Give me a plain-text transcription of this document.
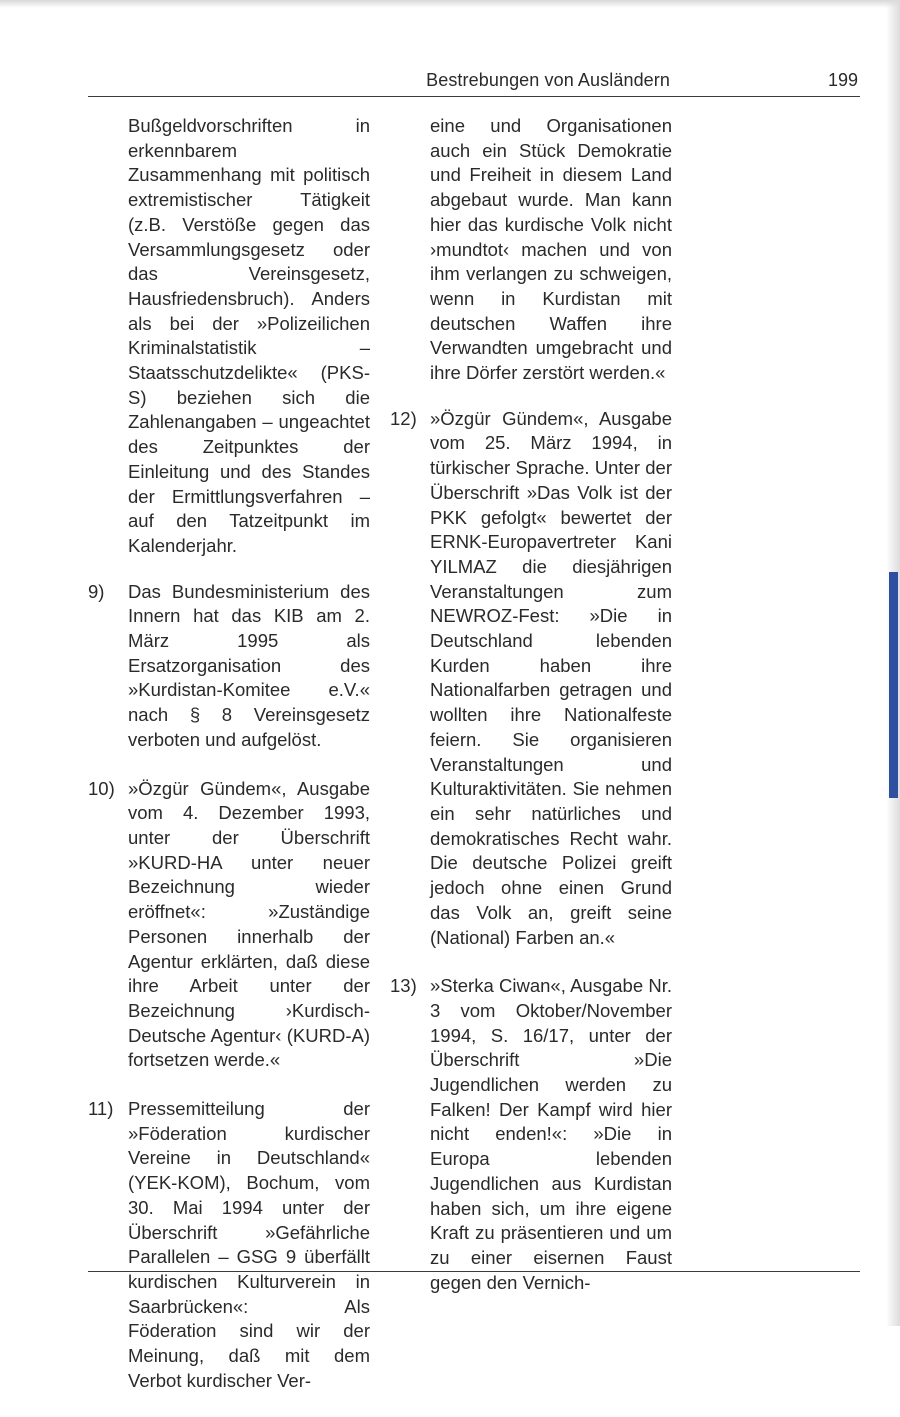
Bestrebungen von Ausländern	199
Bußgeldvorschriften in erkennbarem Zusammenhang mit politisch extremistischer Tätigkeit (z.B. Verstöße gegen das Versammlungsgesetz oder das Vereinsgesetz, Hausfriedensbruch). Anders als bei der »Polizeilichen Kriminalstatistik – Staatsschutzdelikte« (PKS-S) beziehen sich die Zahlenangaben – ungeachtet des Zeitpunktes der Einleitung und des Standes der Ermittlungsverfahren – auf den Tatzeitpunkt im Kalenderjahr.
9)	Das Bundesministerium des Innern hat das KIB am 2. März 1995 als Ersatzorganisation des »Kurdistan-Komitee e.V.« nach § 8 Vereinsgesetz verboten und aufgelöst.
10) »Özgür Gündem«, Ausgabe vom 4. Dezember 1993, unter der Überschrift »KURD-HA unter neuer Bezeichnung wieder eröffnet«: »Zuständige Personen innerhalb der Agentur erklärten, daß diese ihre Arbeit unter der Bezeichnung ›Kurdisch-Deutsche Agentur‹ (KURD-A) fortsetzen werde.«
11) Pressemitteilung der »Föderation kurdischer Vereine in Deutschland« (YEK-KOM), Bochum, vom 30. Mai 1994 unter der Überschrift »Gefährliche Parallelen – GSG 9 überfällt kurdischen Kulturverein in Saarbrücken«: Als Föderation sind wir der Meinung, daß mit dem Verbot kurdischer Ver-
eine und Organisationen auch ein Stück Demokratie und Freiheit in diesem Land abgebaut wurde. Man kann hier das kurdische Volk nicht ›mundtot‹ machen und von ihm verlangen zu schweigen, wenn in Kurdistan mit deutschen Waffen ihre Verwandten umgebracht und ihre Dörfer zerstört werden.«
12) »Özgür Gündem«, Ausgabe vom 25. März 1994, in türkischer Sprache. Unter der Überschrift »Das Volk ist der PKK gefolgt« bewertet der ERNK-Europavertreter Kani YILMAZ die diesjährigen Veranstaltungen zum NEWROZ-Fest: »Die in Deutschland lebenden Kurden haben ihre Nationalfarben getragen und wollten ihre Nationalfeste feiern. Sie organisieren Veranstaltungen und Kulturaktivitäten. Sie nehmen ein sehr natürliches und demokratisches Recht wahr. Die deutsche Polizei greift jedoch ohne einen Grund das Volk an, greift seine (National) Farben an.«
13) »Sterka Ciwan«, Ausgabe Nr. 3 vom Oktober/November 1994, S. 16/17, unter der Überschrift »Die Jugendlichen werden zu Falken! Der Kampf wird hier nicht enden!«: »Die in Europa lebenden Jugendlichen aus Kurdistan haben sich, um ihre eigene Kraft zu präsentieren und um zu einer eisernen Faust gegen den Vernich-
